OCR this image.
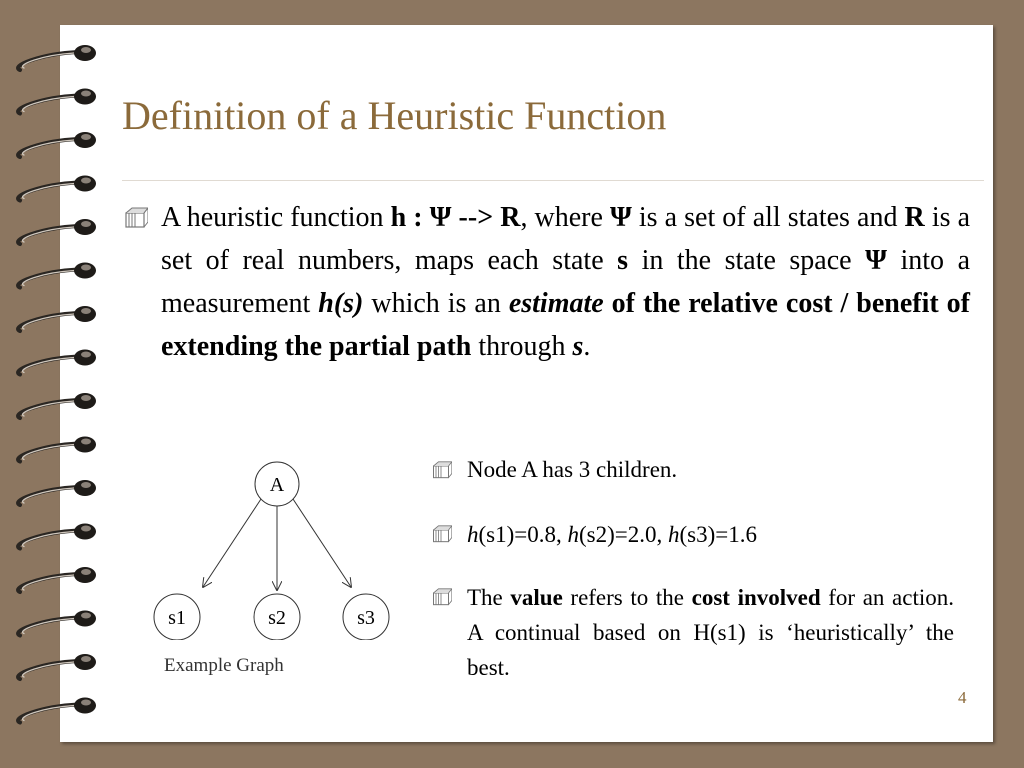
Definition of a Heuristic Function
A heuristic function h : Ψ --> R, where Ψ is a set of all states and R is a set of real numbers, maps each state s in the state space Ψ into a measurement h(s) which is an estimate of the relative cost / benefit of extending the partial path through s.
A
s1	s2	s3
Example Graph
Node A has 3 children.
h(s1)=0.8, h(s2)=2.0, h(s3)=1.6
The value refers to the cost involved for an action. A continual based on H(s1) is ‘heuristically’ the best.
4
